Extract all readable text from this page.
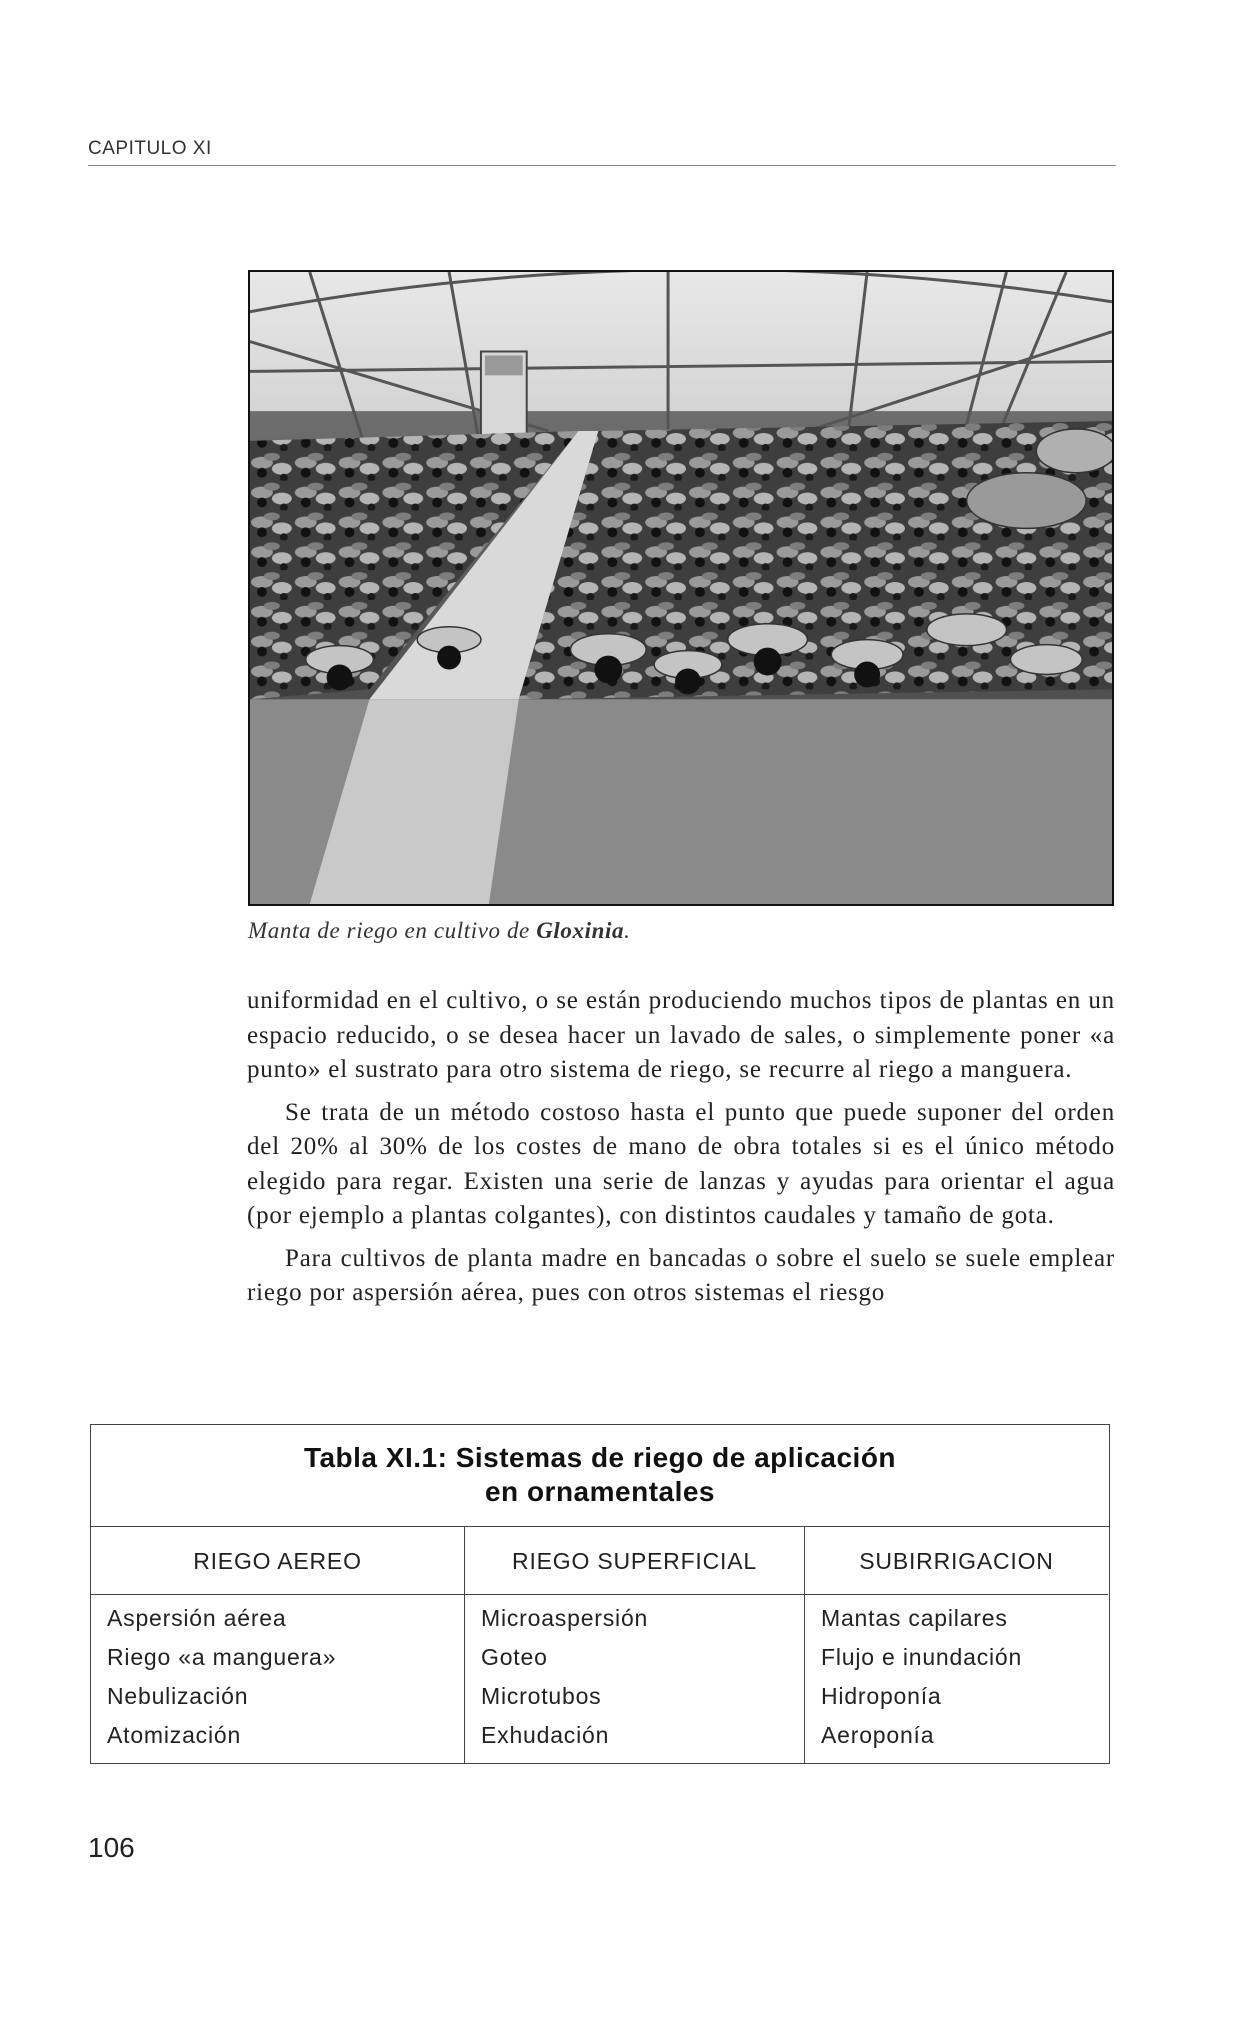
CAPITULO XI
Manta de riego en cultivo de Gloxinia.

uniformidad en el cultivo, o se están produciendo muchos tipos de plantas en un espacio reducido, o se desea hacer un lavado de sales, o simplemente poner «a punto» el sustrato para otro sistema de riego, se recurre al riego a manguera.

Se trata de un método costoso hasta el punto que puede suponer del orden del 20% al 30% de los costes de mano de obra totales si es el único método elegido para regar. Existen una serie de lanzas y ayudas para orientar el agua (por ejemplo a plantas colgantes), con distintos caudales y tamaño de gota.

Para cultivos de planta madre en bancadas o sobre el suelo se suele emplear riego por aspersión aérea, pues con otros sistemas el riesgo

Tabla XI.1: Sistemas de riego de aplicación
en ornamentales
RIEGO AEREO
Aspersión aérea
Riego «a manguera»
Nebulización
Atomización
RIEGO SUPERFICIAL
Microaspersión
Goteo
Microtubos
Exhudación
SUBIRRIGACION
Mantas capilares
Flujo e inundación
Hidroponía
Aeroponía
106
